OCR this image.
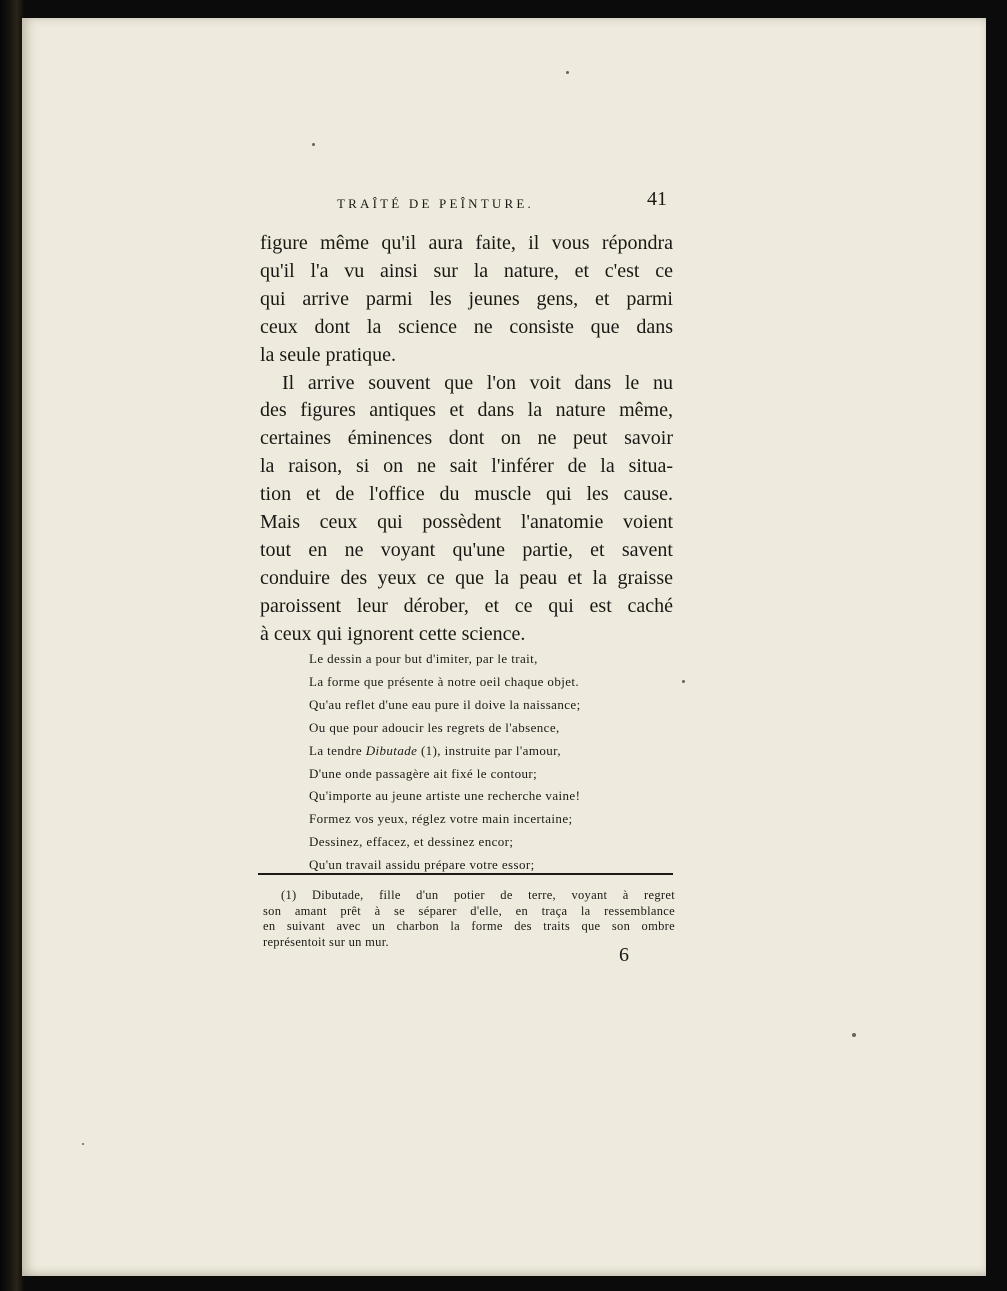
TRAÎTÉ DE PEÎNTURE.	41
figure même qu'il aura faite, il vous répondra
qu'il l'a vu ainsi sur la nature, et c'est ce
qui arrive parmi les jeunes gens, et parmi
ceux dont la science ne consiste que dans
la seule pratique.
Il arrive souvent que l'on voit dans le nu
des figures antiques et dans la nature même,
certaines éminences dont on ne peut savoir
la raison, si on ne sait l'inférer de la situa-
tion et de l'office du muscle qui les cause.
Mais ceux qui possèdent l'anatomie voient
tout en ne voyant qu'une partie, et savent
conduire des yeux ce que la peau et la graisse
paroissent leur dérober, et ce qui est caché
à ceux qui ignorent cette science.
Le dessin a pour but d'imiter, par le trait,
La forme que présente à notre oeil chaque objet.
Qu'au reflet d'une eau pure il doive la naissance;
Ou que pour adoucir les regrets de l'absence,
La tendre Dibutade (1), instruite par l'amour,
D'une onde passagère ait fixé le contour;
Qu'importe au jeune artiste une recherche vaine!
Formez vos yeux, réglez votre main incertaine;
Dessinez, effacez, et dessinez encor;
Qu'un travail assidu prépare votre essor;
(1) Dibutade, fille d'un potier de terre, voyant à regret
son amant prêt à se séparer d'elle, en traça la ressemblance
en suivant avec un charbon la forme des traits que son ombre
représentoit sur un mur.
6
